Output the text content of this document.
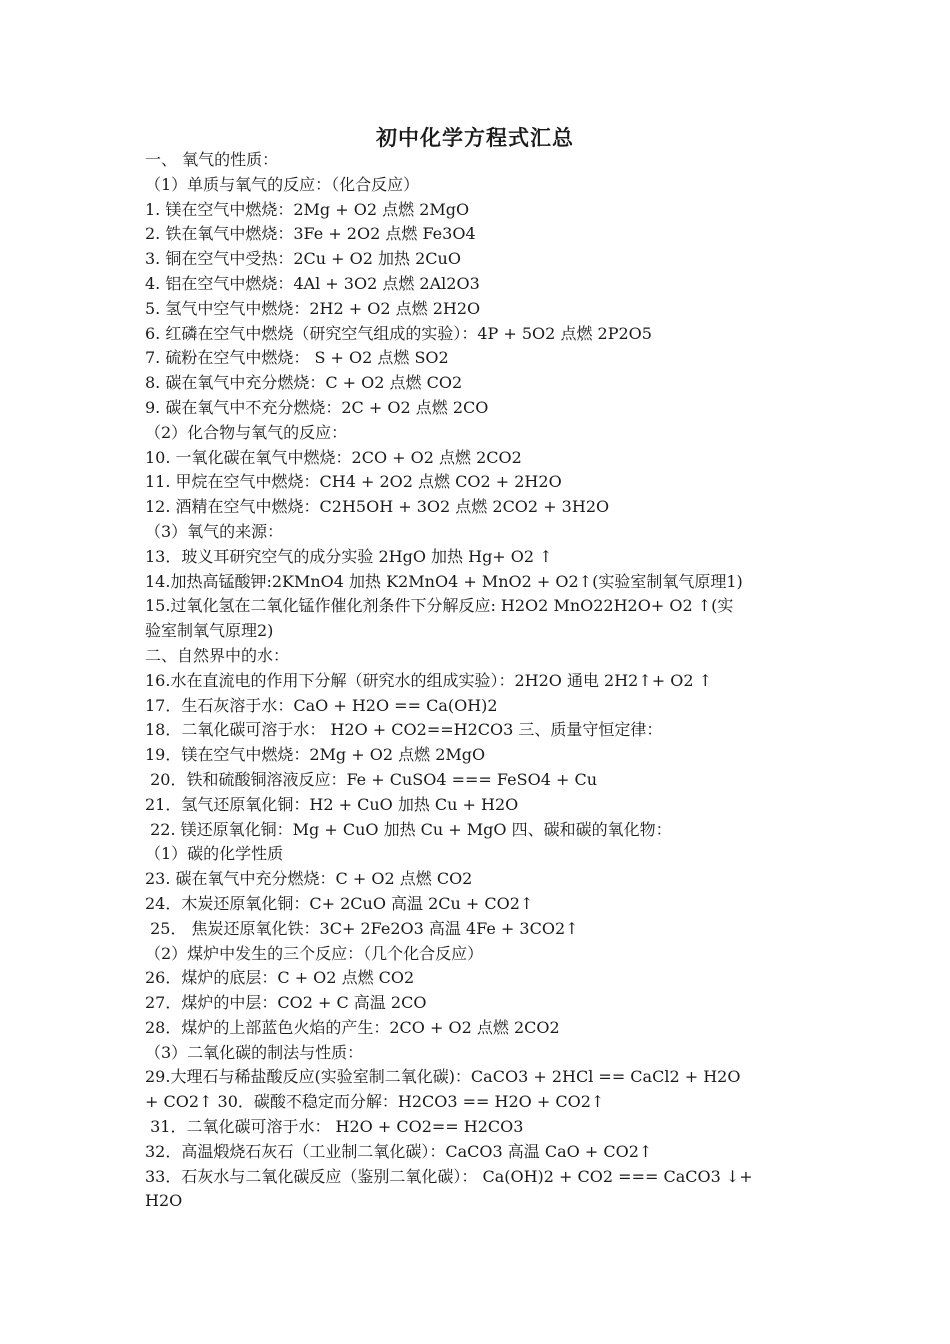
初中化学方程式汇总
一、 氧气的性质：
（1）单质与氧气的反应：（化合反应）
1. 镁在空气中燃烧：2Mg + O2 点燃 2MgO
2. 铁在氧气中燃烧：3Fe + 2O2 点燃 Fe3O4
3. 铜在空气中受热：2Cu + O2 加热 2CuO
4. 铝在空气中燃烧：4Al + 3O2 点燃 2Al2O3
5. 氢气中空气中燃烧：2H2 + O2 点燃 2H2O
6. 红磷在空气中燃烧（研究空气组成的实验）：4P + 5O2 点燃 2P2O5
7. 硫粉在空气中燃烧： S + O2 点燃 SO2
8. 碳在氧气中充分燃烧：C + O2 点燃 CO2
9. 碳在氧气中不充分燃烧：2C + O2 点燃 2CO
（2）化合物与氧气的反应：
10. 一氧化碳在氧气中燃烧：2CO + O2 点燃 2CO2
11. 甲烷在空气中燃烧：CH4 + 2O2 点燃 CO2 + 2H2O
12. 酒精在空气中燃烧：C2H5OH + 3O2 点燃 2CO2 + 3H2O
（3）氧气的来源：
13．玻义耳研究空气的成分实验 2HgO 加热 Hg+ O2 ↑
14.加热高锰酸钾:2KMnO4 加热 K2MnO4 + MnO2 + O2↑(实验室制氧气原理1)
15.过氧化氢在二氧化锰作催化剂条件下分解反应: H2O2 MnO22H2O+ O2 ↑(实
验室制氧气原理2)
二、自然界中的水：
16.水在直流电的作用下分解（研究水的组成实验）：2H2O 通电 2H2↑+ O2 ↑
17．生石灰溶于水：CaO + H2O == Ca(OH)2
18．二氧化碳可溶于水： H2O + CO2==H2CO3 三、质量守恒定律：
19．镁在空气中燃烧：2Mg + O2 点燃 2MgO
20．铁和硫酸铜溶液反应：Fe + CuSO4 === FeSO4 + Cu
21．氢气还原氧化铜：H2 + CuO 加热 Cu + H2O
22. 镁还原氧化铜：Mg + CuO 加热 Cu + MgO 四、碳和碳的氧化物：
（1）碳的化学性质
23. 碳在氧气中充分燃烧：C + O2 点燃 CO2
24．木炭还原氧化铜：C+ 2CuO 高温 2Cu + CO2↑
25． 焦炭还原氧化铁：3C+ 2Fe2O3 高温 4Fe + 3CO2↑
（2）煤炉中发生的三个反应：（几个化合反应）
26．煤炉的底层：C + O2 点燃 CO2
27．煤炉的中层：CO2 + C 高温 2CO
28．煤炉的上部蓝色火焰的产生：2CO + O2 点燃 2CO2
（3）二氧化碳的制法与性质：
29.大理石与稀盐酸反应(实验室制二氧化碳)：CaCO3 + 2HCl == CaCl2 + H2O
+ CO2↑ 30．碳酸不稳定而分解：H2CO3 == H2O + CO2↑
31．二氧化碳可溶于水： H2O + CO2== H2CO3
32．高温煅烧石灰石（工业制二氧化碳）：CaCO3 高温 CaO + CO2↑
33．石灰水与二氧化碳反应（鉴别二氧化碳）： Ca(OH)2 + CO2 === CaCO3 ↓+
H2O
